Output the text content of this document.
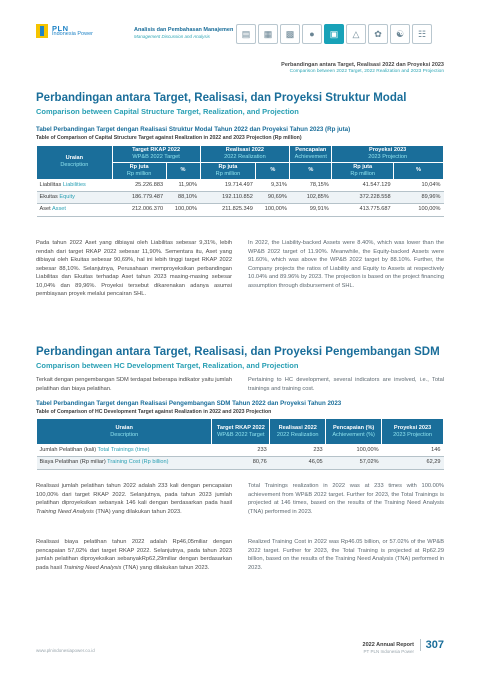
PLN
Indonesia Power
Analisis dan Pembahasan Manajemen
Management Discussion and Analysis	▤	▦	▩	●	▣	△	✿	☯	☷
Perbandingan antara Target, Realisasi 2022 dan Proyeksi 2023
Comparison between 2022 Target, 2022 Realization and 2023 Projection
Perbandingan antara Target, Realisasi, dan Proyeksi Struktur Modal
Comparison between Capital Structure Target, Realization, and Projection
Tabel Perbandingan Target dengan Realisasi Struktur Modal Tahun 2022 dan Proyeksi Tahun 2023 (Rp juta)
Table of Comparison of Capital Structure Target against Realization in 2022 and 2023 Projection (Rp million)
Uraian
Description	Target RKAP 2022
WP&B 2022 Target		Realisasi 2022
2022 Realization		Pencapaian
Achievement	Proyeksi 2023
2023 Projection	

	Rp juta
Rp million	%	Rp juta
Rp million	%	%	Rp juta
Rp million	%
Liabilitas Liabilities	25.226.883	11,90%	19.714.497	9,31%	78,15%	41.547.129	10,04%
Ekuitas Equity	186.779.487	88,10%	192.110.852	90,69%	102,85%	372.228.558	89,96%
Aset Asset	212.006.370	100,00%	211.825.349	100,00%	99,91%	413.775.687	100,00%
Pada tahun 2022 Aset yang dibiayai oleh Liabilitas sebesar 9,31%, lebih rendah dari target RKAP 2022 sebesar 11,90%. Sementara itu, Aset yang dibiayai oleh Ekuitas sebesar 90,69%, hal ini lebih tinggi target RKAP 2022 sebesar 88,10%. Selanjutnya, Perusahaan memproyeksikan perbandingan Liabilitas dan Ekuitas terhadap Aset tahun 2023 masing-masing sebesar 10,04% dan 89,96%. Proyeksi tersebut dikarenakan adanya asumsi pembiayaan proyek melalui pencairan SHL.
In 2022, the Liability-backed Assets were 8.40%, which was lower than the WP&B 2022 target of 11.90%. Meanwhile, the Equity-backed Assets were 91.60%, which was above the WP&B 2022 target by 88.10%. Further, the Company projects the ratios of Liability and Equity to Assets at respectively 10.04% and 89.96% by 2023. The projection is based on the project financing assumption through disbursement of SHL.
Perbandingan antara Target, Realisasi, dan Proyeksi Pengembangan SDM
Comparison between HC Development Target, Realization, and Projection
Terkait dengan pengembangan SDM terdapat beberapa indikator yaitu jumlah pelatihan dan biaya pelatihan.
Pertaining to HC development, several indicators are involved, i.e., Total trainings and training cost.
Tabel Perbandingan Target dengan Realisasi Pengembangan SDM Tahun 2022 dan Proyeksi Tahun 2023
Table of Comparison of HC Development Target against Realization in 2022 and 2023 Projection
Uraian
Description	Target RKAP 2022
WP&B 2022 Target	Realisasi 2022
2022 Realization	Pencapaian (%)
Achievement (%)	Proyeksi 2023
2023 Projection

Jumlah Pelatihan (kali) Total Trainings (time)	233	233	100,00%	146
Biaya Pelatihan (Rp miliar) Training Cost (Rp billion)	80,76	46,05	57,02%	62,29
Realisasi jumlah pelatihan tahun 2022 adalah 233 kali dengan pencapaian 100,00% dari target RKAP 2022. Selanjutnya, pada tahun 2023 jumlah pelatihan diproyeksikan sebanyak 146 kali dengan berdasarkan pada hasil Training Need Analysis (TNA) yang dilakukan tahun 2023.
Total Trainings realization in 2022 was at 233 times with 100.00% achievement from WP&B 2022 target. Further for 2023, the Total Trainings is projected at 146 times, based on the results of the Training Need Analysis (TNA) performed in 2023.
Realisasi biaya pelatihan tahun 2022 adalah Rp46,05miliar dengan pencapaian 57,02% dari target RKAP 2022. Selanjutnya, pada tahun 2023 jumlah pelatihan diproyeksikan sebanyakRp62,29miliar dengan berdasarkan pada hasil Training Need Analysis (TNA) yang dilakukan tahun 2023.
Realized Training Cost in 2022 was Rp46.05 billion, or 57.02% of the WP&B 2022 target. Further for 2023, the Total Training is projected at Rp62.29 billion, based on the results of the Training Need Analysis (TNA) performed in 2023.
www.plnindonesiapower.co.id
2022 Annual Report
PT PLN Indonesia Power
307
